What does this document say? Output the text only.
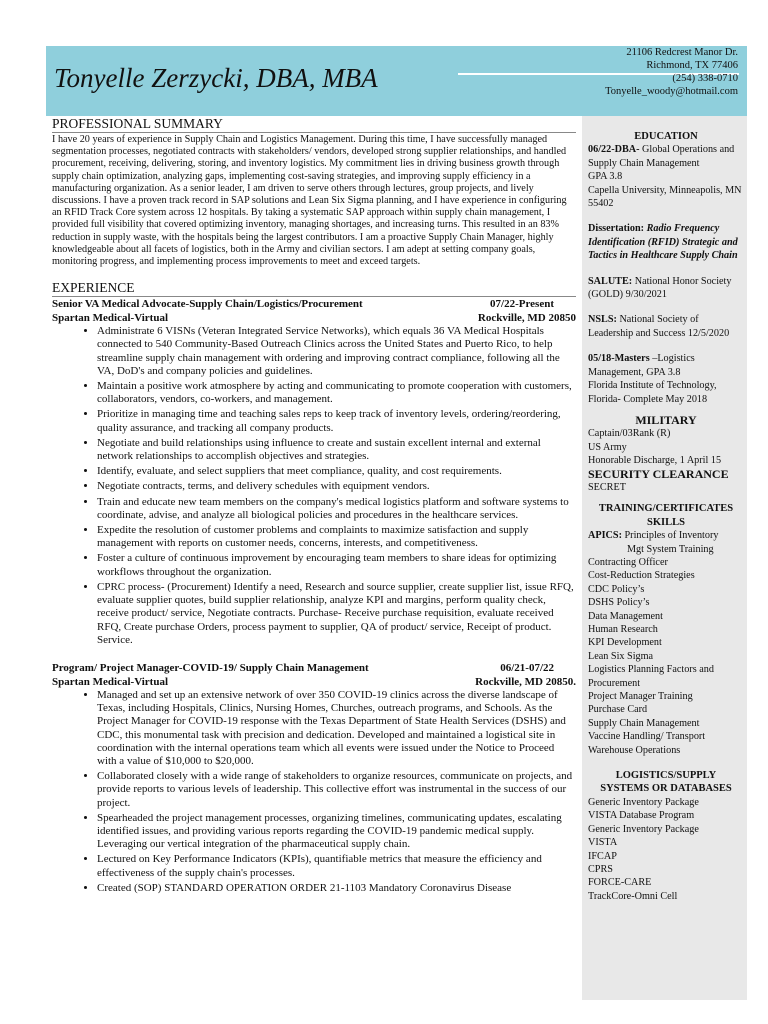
Tonyelle Zerzycki, DBA, MBA
21106 Redcrest Manor Dr.
Richmond, TX 77406
(254) 338-0710
Tonyelle_woody@hotmail.com
PROFESSIONAL SUMMARY

I have 20 years of experience in Supply Chain and Logistics Management. During this time, I have successfully managed segmentation processes, negotiated contracts with stakeholders/ vendors, developed strong supplier relationships, and handled procurement, receiving, delivering, storing, and inventory logistics. My commitment lies in driving business growth through supply chain optimization, analyzing gaps, implementing cost-saving strategies, and improving supply efficiency in a manufacturing organization. As a senior leader, I am driven to serve others through lectures, group projects, and lively discussions. I have a proven track record in SAP solutions and Lean Six Sigma planning, and I have experience in configuring an RFID Track Core system across 12 hospitals. By taking a systematic SAP approach within supply chain management, I provided full visibility that covered optimizing inventory, managing shortages, and increasing turns. This resulted in an 83% reduction in supply waste, with the hospitals being the largest contributors. I am a proactive Supply Chain Manager, highly knowledgeable about all facets of logistics, both in the Army and civilian sectors. I am adept at setting company goals, monitoring progress, and implementing process improvements to meet and exceed targets.

EXPERIENCE
Senior VA Medical Advocate-Supply Chain/Logistics/Procurement	07/22-Present
Spartan Medical-Virtual	Rockville, MD 20850
• Administrate 6 VISNs (Veteran Integrated Service Networks), which equals 36 VA Medical Hospitals connected to 540 Community-Based Outreach Clinics across the United States and Puerto Rico, to help streamline supply chain management with ordering and improving contract compliance, following all the VA, DoD's and company policies and guidelines.
• Maintain a positive work atmosphere by acting and communicating to promote cooperation with customers, collaborators, vendors, co-workers, and management.
• Prioritize in managing time and teaching sales reps to keep track of inventory levels, ordering/reordering, quality assurance, and tracking all company products.
• Negotiate and build relationships using influence to create and sustain excellent internal and external network relationships to accomplish objectives and strategies.
• Identify, evaluate, and select suppliers that meet compliance, quality, and cost requirements.
• Negotiate contracts, terms, and delivery schedules with equipment vendors.
• Train and educate new team members on the company's medical logistics platform and software systems to coordinate, advise, and analyze all biological policies and procedures in the healthcare services.
• Expedite the resolution of customer problems and complaints to maximize satisfaction and supply management with reports on customer needs, concerns, interests, and competitiveness.
• Foster a culture of continuous improvement by encouraging team members to share ideas for optimizing workflows throughout the organization.
• CPRC process- (Procurement) Identify a need, Research and source supplier, create supplier list, issue RFQ, evaluate supplier quotes, build supplier relationship, analyze KPI and margins, perform quality check, receive product/ service, Negotiate contracts. Purchase- Receive purchase requisition, evaluate received RFQ, Create purchase Orders, process payment to supplier, QA of product/ service, Receipt of product. Service.
Program/ Project Manager-COVID-19/ Supply Chain Management	06/21-07/22
Spartan Medical-Virtual	Rockville, MD 20850.
• Managed and set up an extensive network of over 350 COVID-19 clinics across the diverse landscape of Texas, including Hospitals, Clinics, Nursing Homes, Churches, outreach programs, and Schools. As the Project Manager for COVID-19 response with the Texas Department of State Health Services (DSHS) and CDC, this monumental task with precision and dedication. Developed and maintained a logistical site in coordination with the internal operations team which all events were issued under the Notice to Proceed with a value of $10,000 to $20,000.
• Collaborated closely with a wide range of stakeholders to organize resources, communicate on projects, and provide reports to various levels of leadership. This collective effort was instrumental in the success of our project.
• Spearheaded the project management processes, organizing timelines, communicating updates, escalating identified issues, and providing various reports regarding the COVID-19 pandemic medical supply. Leveraging our vertical integration of the pharmaceutical supply chain.
• Lectured on Key Performance Indicators (KPIs), quantifiable metrics that measure the efficiency and effectiveness of the supply chain's processes.
• Created (SOP) STANDARD OPERATION ORDER 21-1103 Mandatory Coronavirus Disease
EDUCATION
06/22-DBA- Global Operations and Supply Chain Management
GPA 3.8
Capella University, Minneapolis, MN 55402
Dissertation: Radio Frequency Identification (RFID) Strategic and Tactics in Healthcare Supply Chain
SALUTE: National Honor Society (GOLD) 9/30/2021
NSLS: National Society of Leadership and Success 12/5/2020
05/18-Masters –Logistics Management, GPA 3.8
Florida Institute of Technology, Florida- Complete May 2018
MILITARY
Captain/03Rank (R)
US Army
Honorable Discharge, 1 April 15
SECURITY CLEARANCE
SECRET
TRAINING/CERTIFICATES
SKILLS
APICS: Principles of Inventory
Mgt System Training
Contracting Officer
Cost-Reduction Strategies
CDC Policy’s
DSHS Policy’s
Data Management
Human Research
KPI Development
Lean Six Sigma
Logistics Planning Factors and Procurement
Project Manager Training
Purchase Card
Supply Chain Management
Vaccine Handling/ Transport
Warehouse Operations
LOGISTICS/SUPPLY
SYSTEMS OR DATABASES
Generic Inventory Package
VISTA Database Program
Generic Inventory Package
VISTA
IFCAP
CPRS
FORCE-CARE
TrackCore-Omni Cell
